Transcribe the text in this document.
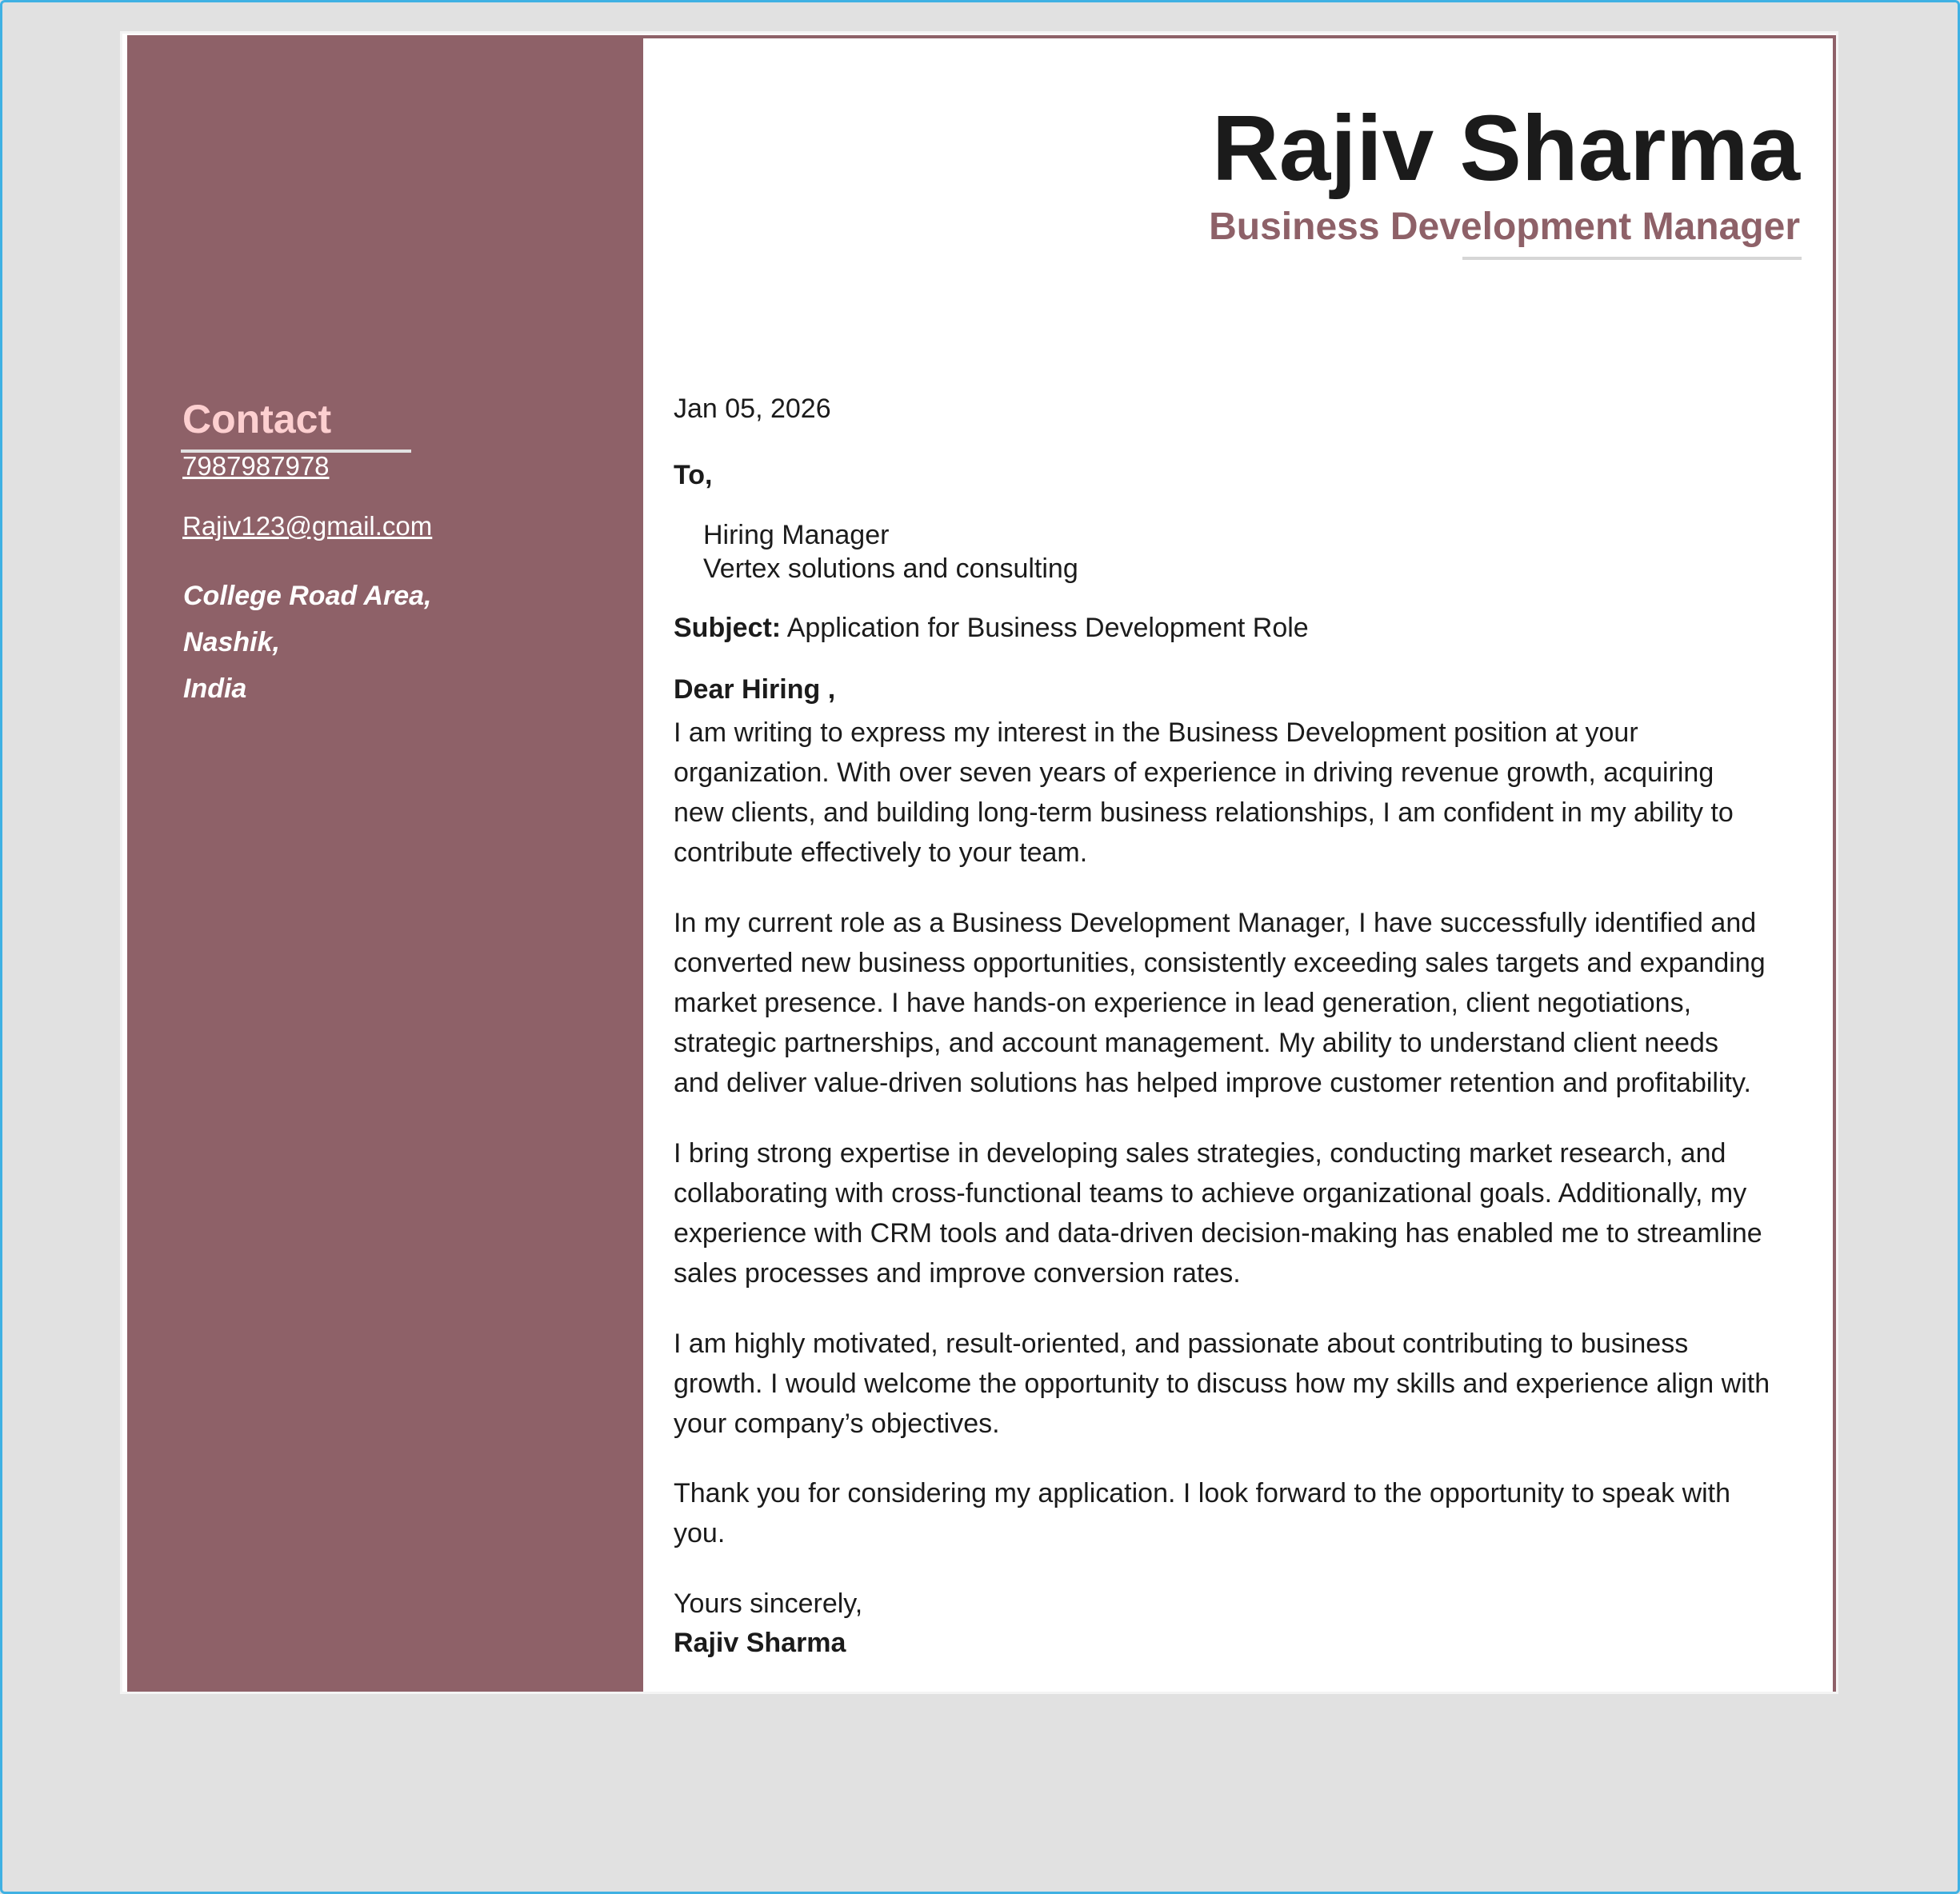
Rajiv Sharma
Business Development Manager
Contact
7987987978
Rajiv123@gmail.com
College Road Area,
Nashik,
India
Jan 05, 2026
To,
Hiring Manager
Vertex solutions and consulting
Subject: Application for Business Development Role
Dear Hiring ,

I am writing to express my interest in the Business Development position at your
organization. With over seven years of experience in driving revenue growth, acquiring
new clients, and building long-term business relationships, I am confident in my ability to
contribute effectively to your team.

In my current role as a Business Development Manager, I have successfully identified and
converted new business opportunities, consistently exceeding sales targets and expanding
market presence. I have hands-on experience in lead generation, client negotiations,
strategic partnerships, and account management. My ability to understand client needs
and deliver value-driven solutions has helped improve customer retention and profitability.

I bring strong expertise in developing sales strategies, conducting market research, and
collaborating with cross-functional teams to achieve organizational goals. Additionally, my
experience with CRM tools and data-driven decision-making has enabled me to streamline
sales processes and improve conversion rates.

I am highly motivated, result-oriented, and passionate about contributing to business
growth. I would welcome the opportunity to discuss how my skills and experience align with
your company’s objectives.

Thank you for considering my application. I look forward to the opportunity to speak with
you.

Yours sincerely,
Rajiv Sharma
